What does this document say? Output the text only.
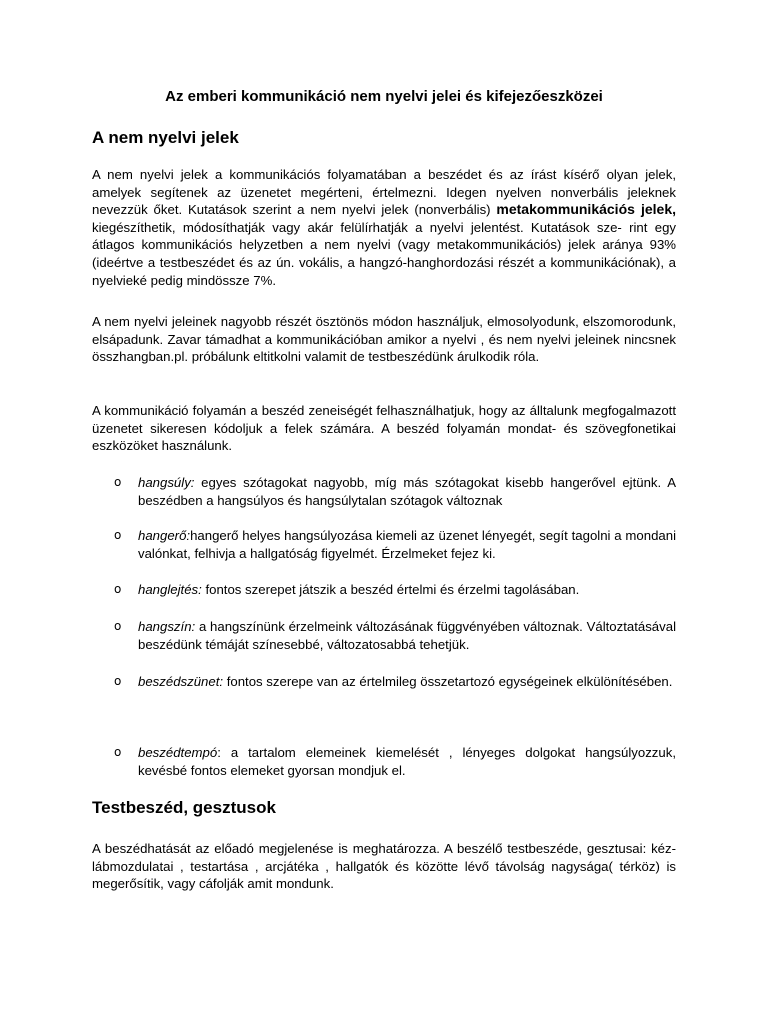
Az emberi kommunikáció nem nyelvi jelei és kifejezőeszközei
A nem nyelvi jelek

A nem nyelvi jelek a kommunikációs folyamatában a beszédet és az írást kísérő olyan jelek, amelyek segítenek az üzenetet megérteni, értelmezni. Idegen nyelven nonverbális jeleknek nevezzük őket. Kutatások szerint a nem nyelvi jelek (nonverbális) metakommunikációs jelek, kiegészíthetik, módosíthatják vagy akár felülírhatják a nyelvi jelentést. Kutatások sze- rint egy átlagos kommunikációs helyzetben a nem nyelvi (vagy metakommunikációs) jelek aránya 93% (ideértve a testbeszédet és az ún. vokális, a hangzó-hanghordozási részét a kommunikációnak), a nyelvieké pedig mindössze 7%.

A nem nyelvi jeleinek nagyobb részét ösztönös módon használjuk, elmosolyodunk, elszomorodunk, elsápadunk. Zavar támadhat a kommunikációban amikor a nyelvi , és nem nyelvi jeleinek nincsnek összhangban.pl. próbálunk eltitkolni valamit de testbeszédünk árulkodik róla.

A kommunikáció folyamán a beszéd zeneiségét felhasználhatjuk, hogy az álltalunk megfogalmazott üzenetet sikeresen kódoljuk a felek számára. A beszéd folyamán mondat- és szövegfonetikai eszközöket használunk.

o hangsúly: egyes szótagokat nagyobb, míg más szótagokat kisebb hangerővel ejtünk. A beszédben a hangsúlyos és hangsúlytalan szótagok változnak
o hangerő:hangerő helyes hangsúlyozása kiemeli az üzenet lényegét, segít tagolni a mondani valónkat, felhivja a hallgatóság figyelmét. Érzelmeket fejez ki.
o hanglejtés: fontos szerepet játszik a beszéd értelmi és érzelmi tagolásában.
o hangszín: a hangszínünk érzelmeink változásának függvényében változnak. Változtatásával beszédünk témáját színesebbé, változatosabbá tehetjük.
o beszédszünet: fontos szerepe van az értelmileg összetartozó egységeinek elkülönítésében.
o beszédtempó: a tartalom elemeinek kiemelését , lényeges dolgokat hangsúlyozzuk, kevésbé fontos elemeket gyorsan mondjuk el.
Testbeszéd, gesztusok

A beszédhatását az előadó megjelenése is meghatározza. A beszélő testbeszéde, gesztusai: kéz-lábmozdulatai , testartása , arcjátéka , hallgatók és közötte lévő távolság nagysága( térköz) is megerősítik, vagy cáfolják amit mondunk.
